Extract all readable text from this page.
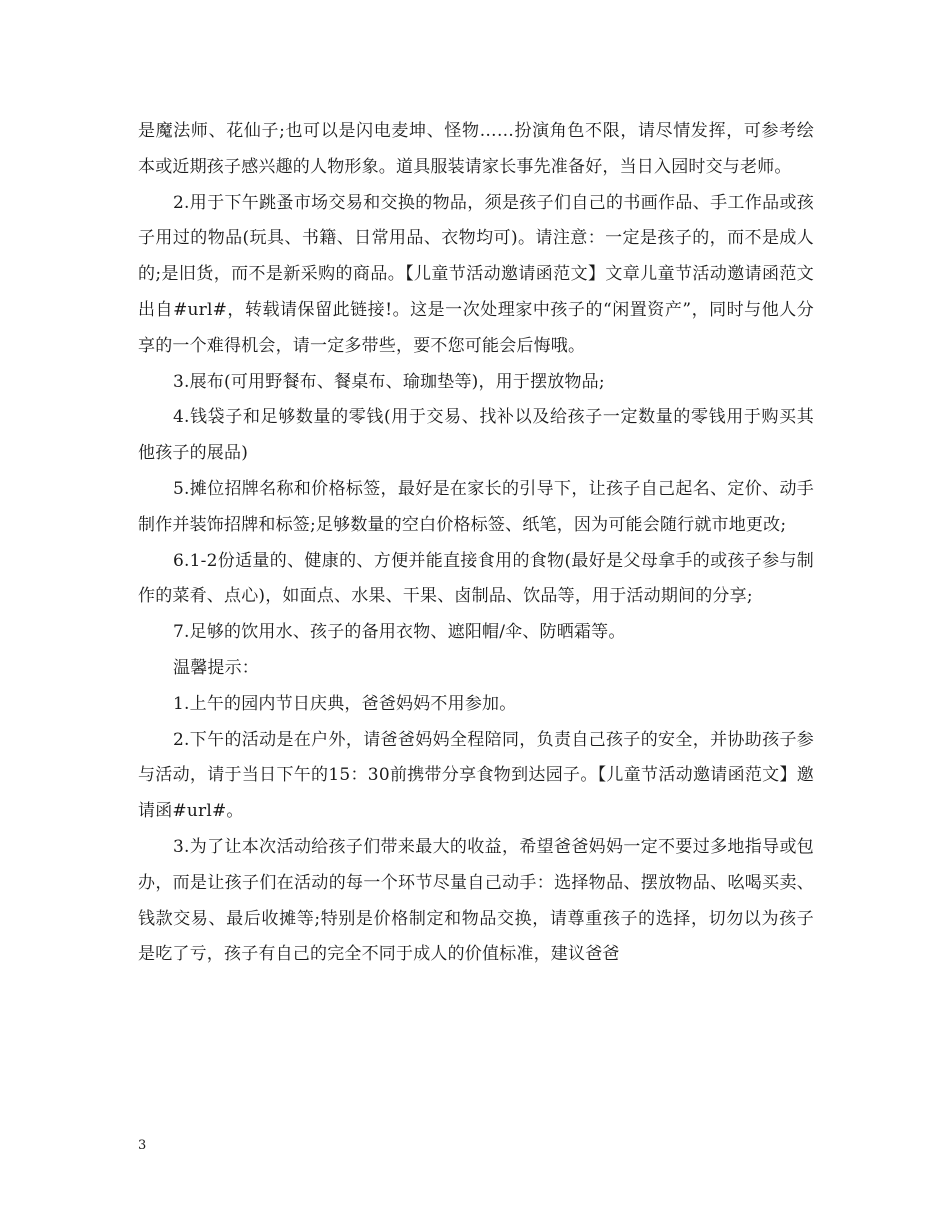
是魔法师、花仙子;也可以是闪电麦坤、怪物……扮演角色不限，请尽情发挥，可参考绘本或近期孩子感兴趣的人物形象。道具服装请家长事先准备好，当日入园时交与老师。

2.用于下午跳蚤市场交易和交换的物品，须是孩子们自己的书画作品、手工作品或孩子用过的物品(玩具、书籍、日常用品、衣物均可)。请注意：一定是孩子的，而不是成人的;是旧货，而不是新采购的商品。【儿童节活动邀请函范文】文章儿童节活动邀请函范文出自#url#，转载请保留此链接!。这是一次处理家中孩子的“闲置资产”，同时与他人分享的一个难得机会，请一定多带些，要不您可能会后悔哦。

3.展布(可用野餐布、餐桌布、瑜珈垫等)，用于摆放物品;

4.钱袋子和足够数量的零钱(用于交易、找补以及给孩子一定数量的零钱用于购买其他孩子的展品)

5.摊位招牌名称和价格标签，最好是在家长的引导下，让孩子自己起名、定价、动手制作并装饰招牌和标签;足够数量的空白价格标签、纸笔，因为可能会随行就市地更改;

6.1-2份适量的、健康的、方便并能直接食用的食物(最好是父母拿手的或孩子参与制作的菜肴、点心)，如面点、水果、干果、卤制品、饮品等，用于活动期间的分享;

7.足够的饮用水、孩子的备用衣物、遮阳帽/伞、防晒霜等。

温馨提示：

1.上午的园内节日庆典，爸爸妈妈不用参加。

2.下午的活动是在户外，请爸爸妈妈全程陪同，负责自己孩子的安全，并协助孩子参与活动，请于当日下午的15：30前携带分享食物到达园子。【儿童节活动邀请函范文】邀请函#url#。

3.为了让本次活动给孩子们带来最大的收益，希望爸爸妈妈一定不要过多地指导或包办，而是让孩子们在活动的每一个环节尽量自己动手：选择物品、摆放物品、吆喝买卖、钱款交易、最后收摊等;特别是价格制定和物品交换，请尊重孩子的选择，切勿以为孩子是吃了亏，孩子有自己的完全不同于成人的价值标准，建议爸爸

3
